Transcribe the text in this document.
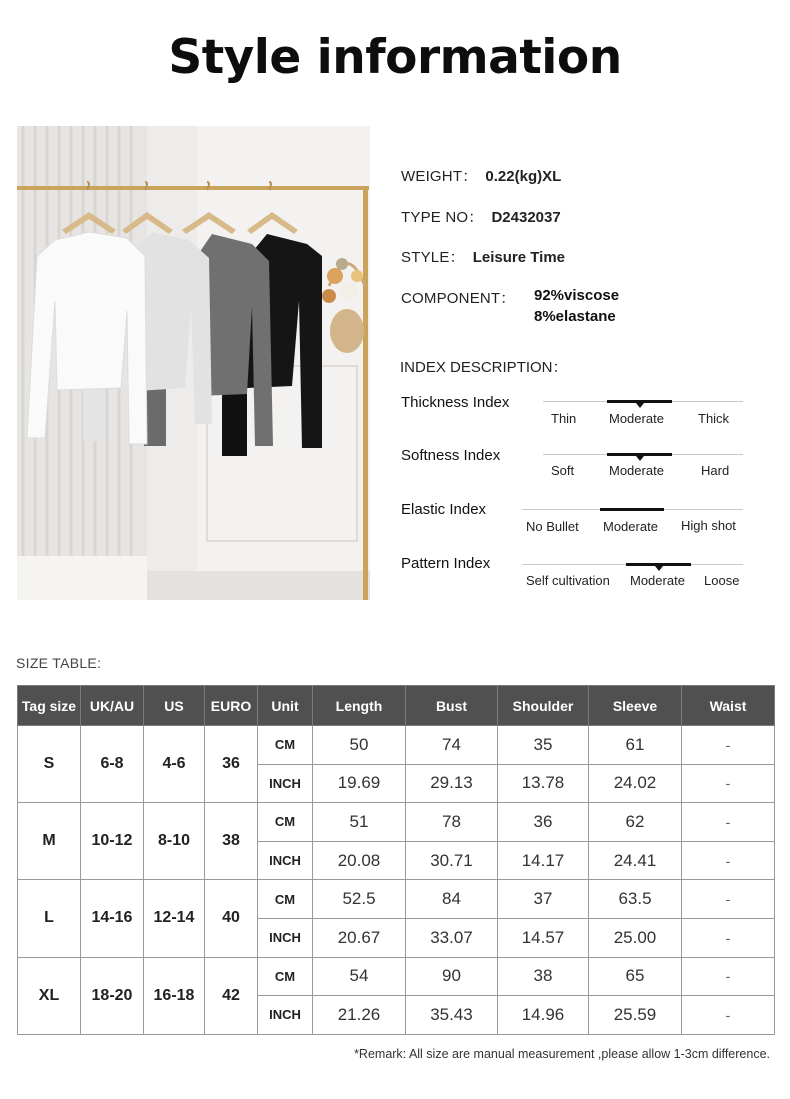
Style information
WEIGHT： 0.22(kg)XL
TYPE NO： D2432037
STYLE： Leisure Time
COMPONENT： 92%viscose
8%elastane
INDEX DESCRIPTION：
Thickness Index
Thin	Moderate	Thick
Softness Index
Soft	Moderate	Hard
Elastic Index
No Bullet Moderate High shot
Pattern Index
Self cultivation Moderate Loose
SIZE TABLE:
Tag size	UK/AU	US	EURO	Unit	Length	Bust	Shoulder	Sleeve	Waist
S	6-8	4-6	36	CM	50	74	35	61	-
				INCH	19.69	29.13	13.78	24.02	-
M	10-12	8-10	38	CM	51	78	36	62	-
				INCH	20.08	30.71	14.17	24.41	-
L	14-16	12-14	40	CM	52.5	84	37	63.5	-
				INCH	20.67	33.07	14.57	25.00	-
XL	18-20	16-18	42	CM	54	90	38	65	-
				INCH	21.26	35.43	14.96	25.59	-
*Remark: All size are manual measurement ,please allow 1-3cm difference.
